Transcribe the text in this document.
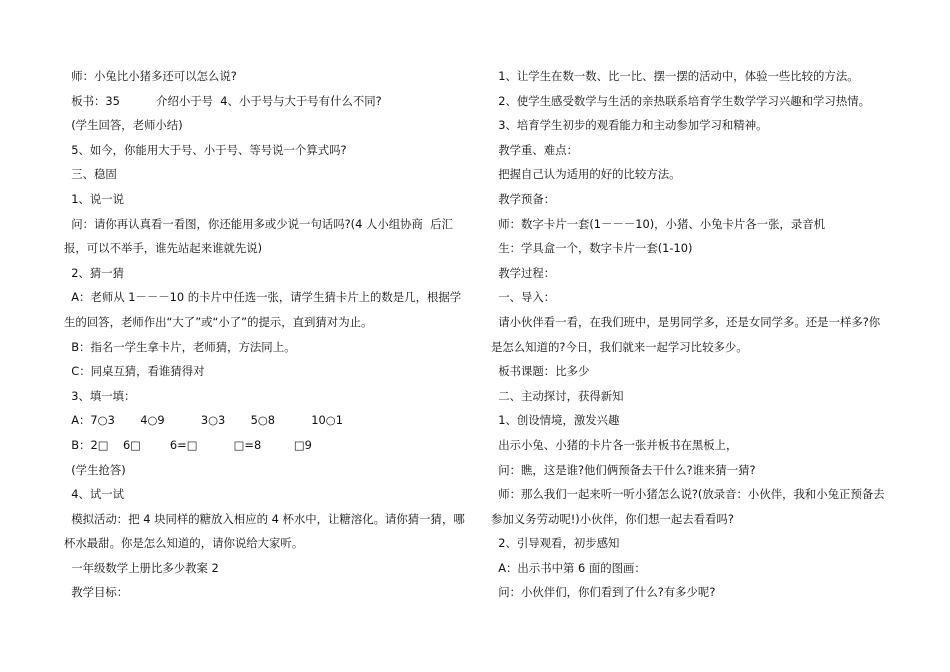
师：小兔比小猪多还可以怎么说?
板书：35          介绍小于号  4、小于号与大于号有什么不同?
(学生回答，老师小结)
5、如今，你能用大于号、小于号、等号说一个算式吗?
三、稳固
1、说一说
问：请你再认真看一看图，你还能用多或少说一句话吗?(4 人小组协商  后汇
报，可以不举手，谁先站起来谁就先说)
2、猜一猜
A：老师从 1－－－10 的卡片中任选一张，请学生猜卡片上的数是几，根据学
生的回答，老师作出“大了”或“小了”的提示，直到猜对为止。
B：指名一学生拿卡片，老师猜，方法同上。
C：同桌互猜，看谁猜得对
3、填一填：
A：7○3       4○9          3○3       5○8          10○1
B：2□    6□        6=□          □=8         □9
(学生抢答)
4、试一试
模拟活动：把 4 块同样的糖放入相应的 4 杯水中，让糖溶化。请你猜一猜，哪
杯水最甜。你是怎么知道的，请你说给大家听。
一年级数学上册比多少教案 2
教学目标：
1、让学生在数一数、比一比、摆一摆的活动中，体验一些比较的方法。
2、使学生感受数学与生活的亲热联系培育学生数学学习兴趣和学习热情。
3、培育学生初步的观看能力和主动参加学习和精神。
教学重、难点：
把握自己认为适用的好的比较方法。
教学预备：
师：数字卡片一套(1－－－10)，小猪、小兔卡片各一张，录音机
生：学具盒一个，数字卡片一套(1-10)
教学过程：
一、导入：
请小伙伴看一看，在我们班中，是男同学多，还是女同学多。还是一样多?你
是怎么知道的?今日，我们就来一起学习比较多少。
板书课题：比多少
二、主动探讨，获得新知
1、创设情境，激发兴趣
出示小兔、小猪的卡片各一张并板书在黑板上，
问：瞧，这是谁?他们俩预备去干什么?谁来猜一猜?
师：那么我们一起来听一听小猪怎么说?(放录音：小伙伴，我和小兔正预备去
参加义务劳动呢!)小伙伴，你们想一起去看看吗?
2、引导观看，初步感知
A：出示书中第 6 面的图画：
问：小伙伴们，你们看到了什么?有多少呢?
